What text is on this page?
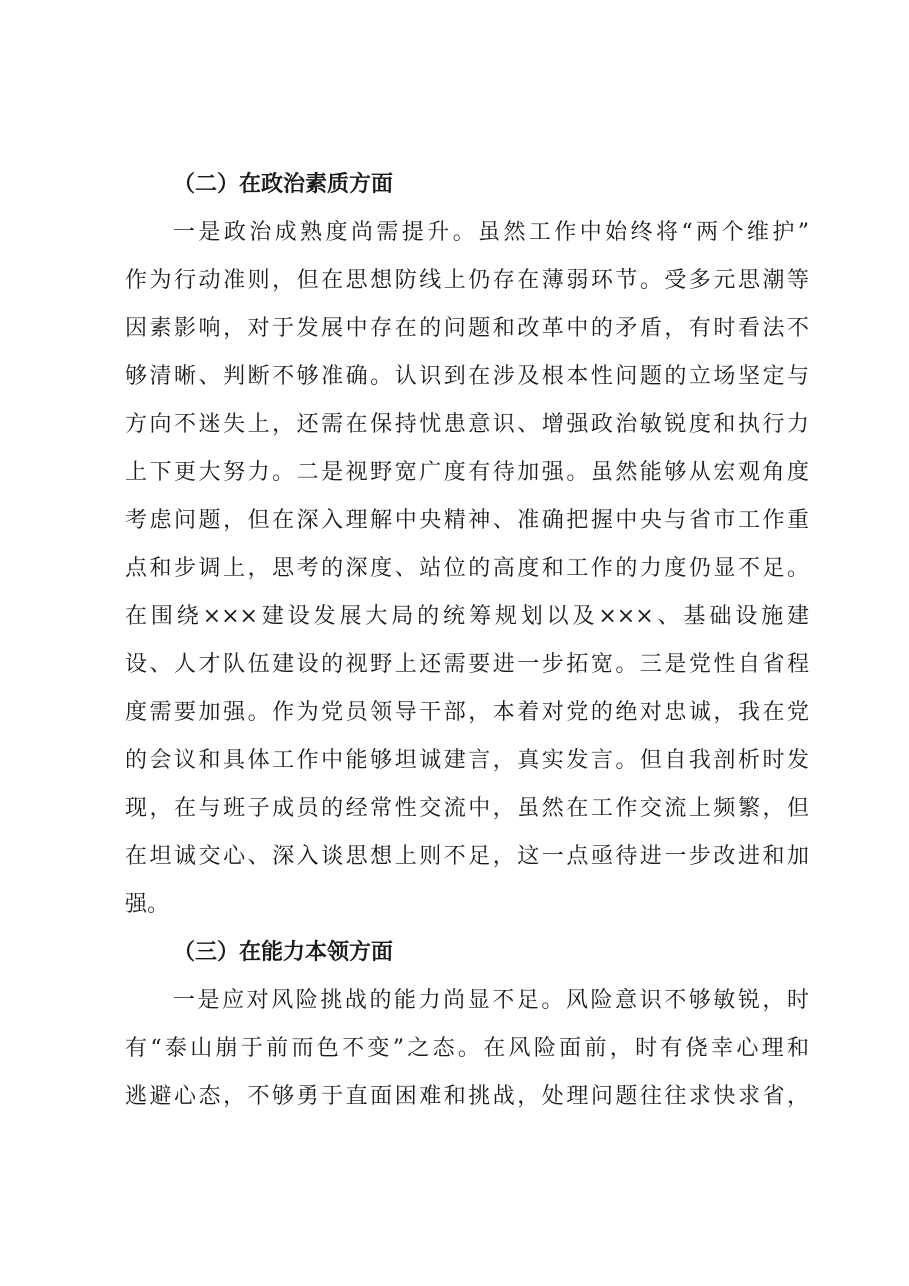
（二）在政治素质方面
一是政治成熟度尚需提升。虽然工作中始终将“两个维护”
作为行动准则，但在思想防线上仍存在薄弱环节。受多元思潮等
因素影响，对于发展中存在的问题和改革中的矛盾，有时看法不
够清晰、判断不够准确。认识到在涉及根本性问题的立场坚定与
方向不迷失上，还需在保持忧患意识、增强政治敏锐度和执行力
上下更大努力。二是视野宽广度有待加强。虽然能够从宏观角度
考虑问题，但在深入理解中央精神、准确把握中央与省市工作重
点和步调上，思考的深度、站位的高度和工作的力度仍显不足。
在围绕×××建设发展大局的统筹规划以及×××、基础设施建
设、人才队伍建设的视野上还需要进一步拓宽。三是党性自省程
度需要加强。作为党员领导干部，本着对党的绝对忠诚，我在党
的会议和具体工作中能够坦诚建言，真实发言。但自我剖析时发
现，在与班子成员的经常性交流中，虽然在工作交流上频繁，但
在坦诚交心、深入谈思想上则不足，这一点亟待进一步改进和加
强。
（三）在能力本领方面
一是应对风险挑战的能力尚显不足。风险意识不够敏锐，时
有“泰山崩于前而色不变”之态。在风险面前，时有侥幸心理和
逃避心态，不够勇于直面困难和挑战，处理问题往往求快求省，
